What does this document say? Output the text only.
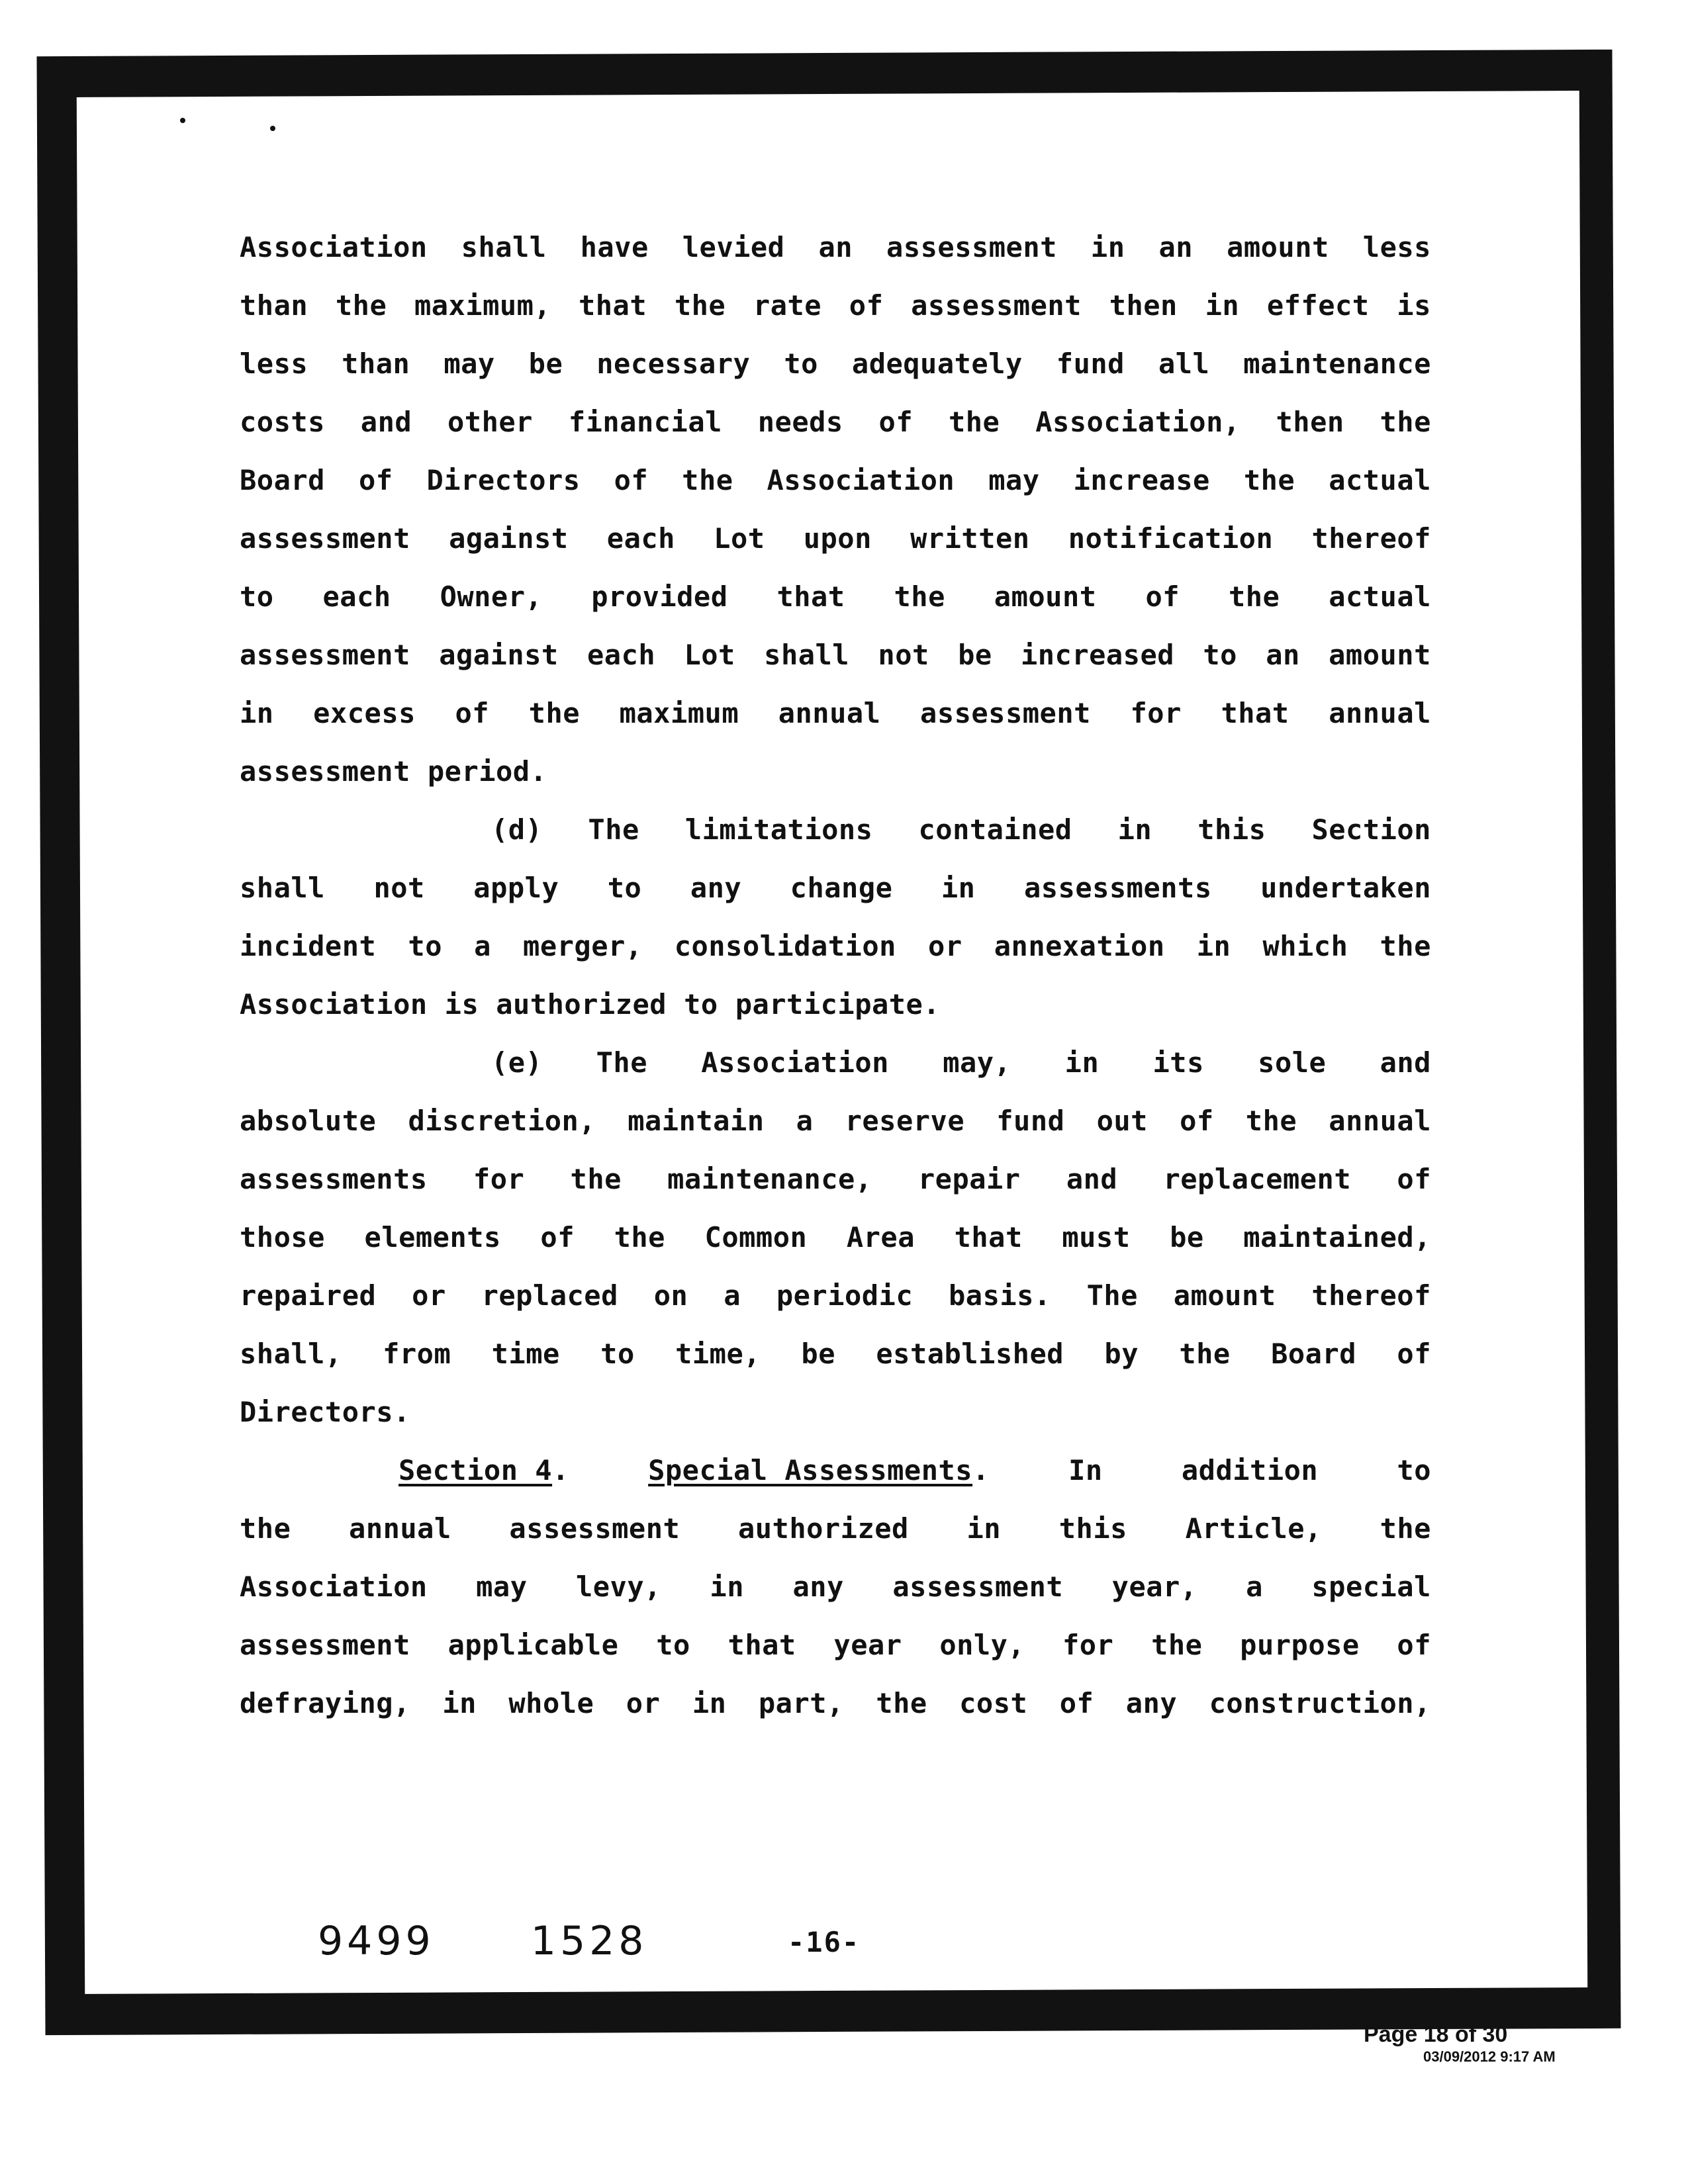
Association shall have levied an assessment in an amount less
than the maximum, that the rate of assessment then in effect is
less than may be necessary to adequately fund all maintenance
costs and other financial needs of the Association, then the
Board of Directors of the Association may increase the actual
assessment against each Lot upon written notification thereof
to each Owner, provided that the amount of the actual
assessment against each Lot shall not be increased to an amount
in excess of the maximum annual assessment for that annual
assessment period.
(d) The limitations contained in this Section
shall not apply to any change in assessments undertaken
incident to a merger, consolidation or annexation in which the
Association is authorized to participate.
(e) The Association may, in its sole and
absolute discretion, maintain a reserve fund out of the annual
assessments for the maintenance, repair and replacement of
those elements of the Common Area that must be maintained,
repaired or replaced on a periodic basis. The amount thereof
shall, from time to time, be established by the Board of
Directors.
Section 4.	Special Assessments.	In	addition	to
the annual assessment authorized in this Article, the
Association may levy, in any assessment year, a special
assessment applicable to that year only, for the purpose of
defraying, in whole or in part, the cost of any construction,
9499 1528	-16-
Page 18 of 30
03/09/2012 9:17 AM
